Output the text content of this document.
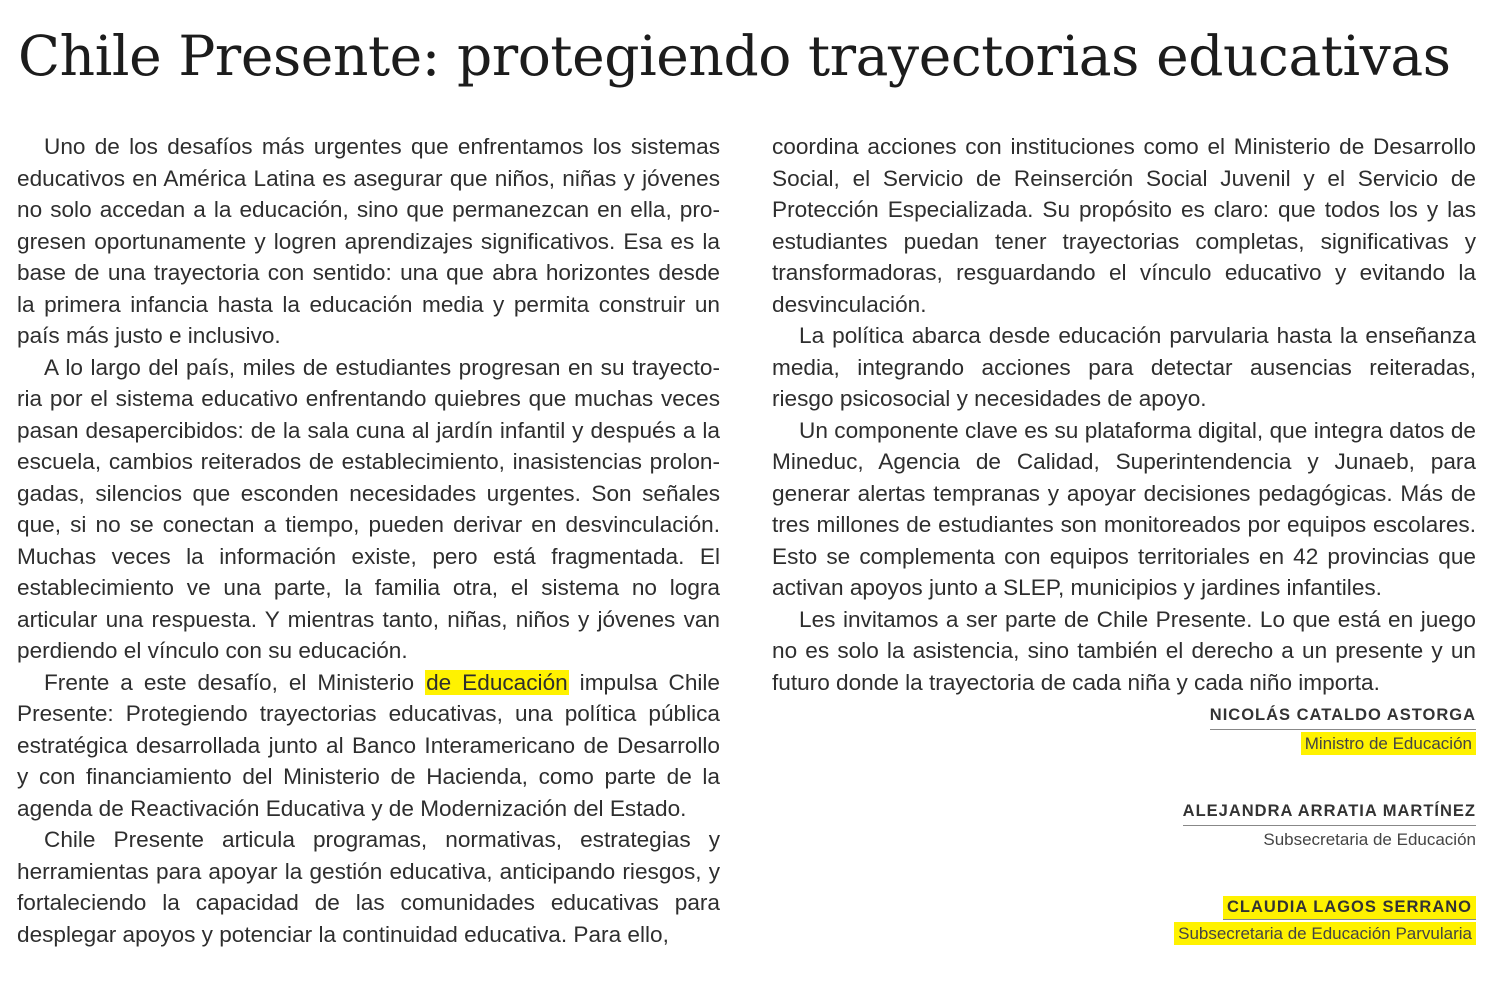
Chile Presente: protegiendo trayectorias educativas

Uno de los desafíos más urgentes que enfrentamos los sistemas educativos en América Latina es asegurar que niños, niñas y jóvenes no solo accedan a la educación, sino que permanezcan en ella, progresen oportunamente y logren aprendizajes significativos. Esa es la base de una trayectoria con sentido: una que abra horizontes desde la primera infancia hasta la educación media y permita construir un país más justo e inclusivo.

A lo largo del país, miles de estudiantes progresan en su trayectoria por el sistema educativo enfrentando quiebres que muchas veces pasan desapercibidos: de la sala cuna al jardín infantil y después a la escuela, cambios reiterados de establecimiento, inasistencias prolongadas, silencios que esconden necesidades urgentes. Son señales que, si no se conectan a tiempo, pueden derivar en desvinculación. Muchas veces la información existe, pero está fragmentada. El establecimiento ve una parte, la familia otra, el sistema no logra articular una respuesta. Y mientras tanto, niñas, niños y jóvenes van perdiendo el vínculo con su educación.

Frente a este desafío, el Ministerio de Educación impulsa Chile Presente: Protegiendo trayectorias educativas, una política pública estratégica desarrollada junto al Banco Interamericano de Desarrollo y con financiamiento del Ministerio de Hacienda, como parte de la agenda de Reactivación Educativa y de Modernización del Estado.

Chile Presente articula programas, normativas, estrategias y herramientas para apoyar la gestión educativa, anticipando riesgos, y fortaleciendo la capacidad de las comunidades educativas para desplegar apoyos y potenciar la continuidad educativa. Para ello,

coordina acciones con instituciones como el Ministerio de Desarrollo Social, el Servicio de Reinserción Social Juvenil y el Servicio de Protección Especializada. Su propósito es claro: que todos los y las estudiantes puedan tener trayectorias completas, significativas y transformadoras, resguardando el vínculo educativo y evitando la desvinculación.

La política abarca desde educación parvularia hasta la enseñanza media, integrando acciones para detectar ausencias reiteradas, riesgo psicosocial y necesidades de apoyo.

Un componente clave es su plataforma digital, que integra datos de Mineduc, Agencia de Calidad, Superintendencia y Junaeb, para generar alertas tempranas y apoyar decisiones pedagógicas. Más de tres millones de estudiantes son monitoreados por equipos escolares. Esto se complementa con equipos territoriales en 42 provincias que activan apoyos junto a SLEP, municipios y jardines infantiles.

Les invitamos a ser parte de Chile Presente. Lo que está en juego no es solo la asistencia, sino también el derecho a un presente y un futuro donde la trayectoria de cada niña y cada niño importa.

NICOLÁS CATALDO ASTORGA
Ministro de Educación
ALEJANDRA ARRATIA MARTÍNEZ
Subsecretaria de Educación
CLAUDIA LAGOS SERRANO
Subsecretaria de Educación Parvularia
